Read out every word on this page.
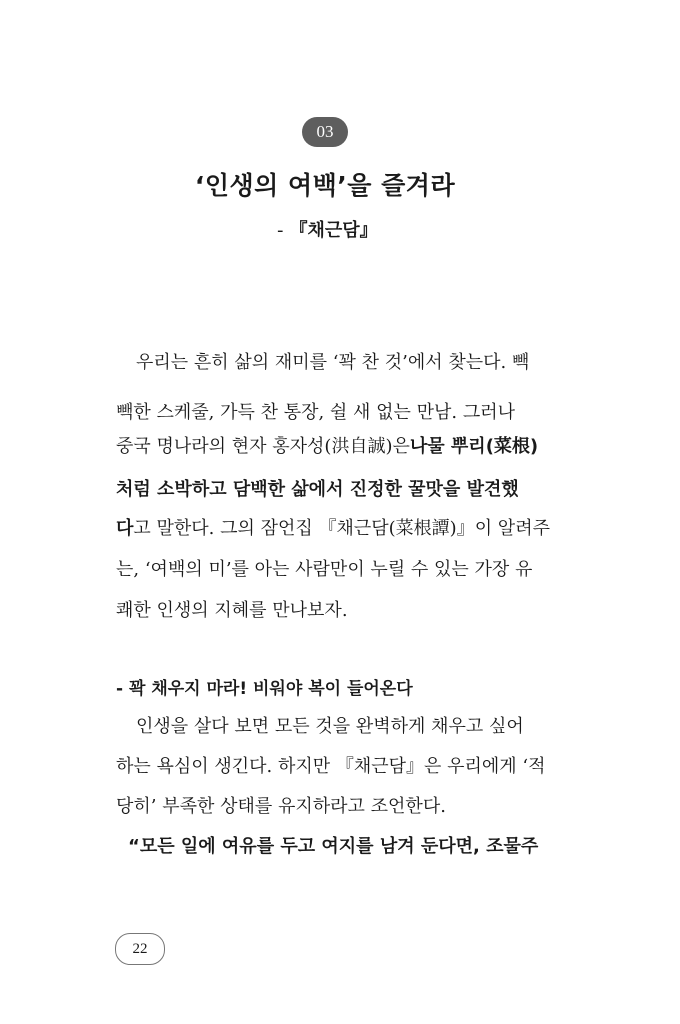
03
‘인생의 여백’을 즐겨라
- 『채근담』
우리는 흔히 삶의 재미를 ‘꽉 찬 것’에서 찾는다. 빽
빽한 스케줄, 가득 찬 통장, 쉴 새 없는 만남. 그러나
중국 명나라의 현자 홍자성(洪自誠)은 나물 뿌리(菜根)
처럼 소박하고 담백한 삶에서 진정한 꿀맛을 발견했
다 고 말한다. 그의 잠언집 『채근담(菜根譚)』이 알려주
는, ‘여백의 미’를 아는 사람만이 누릴 수 있는 가장 유
쾌한 인생의 지혜를 만나보자.
- 꽉 채우지 마라! 비워야 복이 들어온다
인생을 살다 보면 모든 것을 완벽하게 채우고 싶어
하는 욕심이 생긴다. 하지만 『채근담』은 우리에게 ‘적
당히’ 부족한 상태를 유지하라고 조언한다.
“모든 일에 여유를 두고 여지를 남겨 둔다면, 조물주
22
